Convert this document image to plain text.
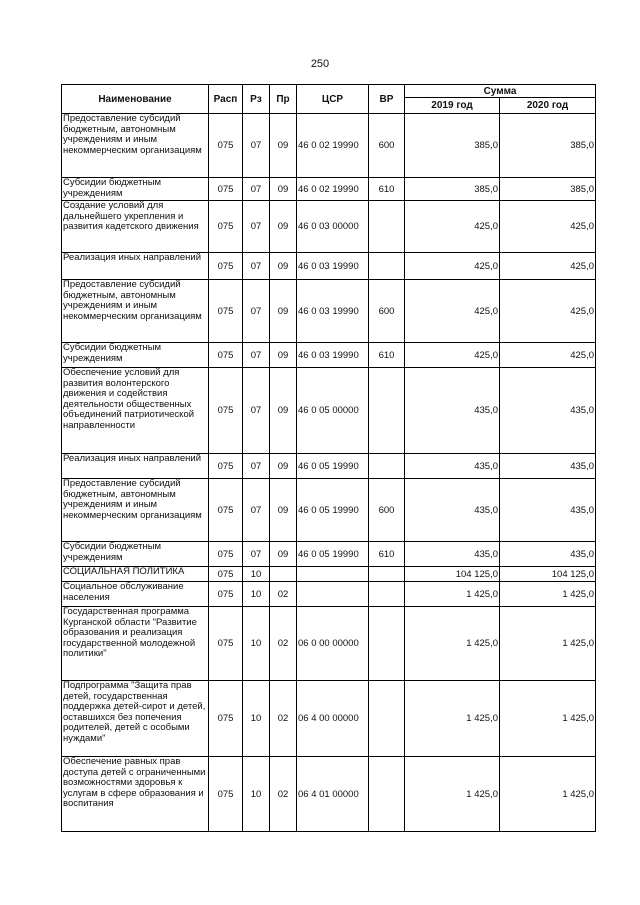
250
Наименование	Расп	Рз	Пр	ЦСР	ВР	Сумма	
						2019 год	2020 год
Предоставление субсидий бюджетным, автономным учреждениям и иным некоммерческим организациям	075	07	09	46 0 02 19990	600	385,0	385,0
Субсидии бюджетным учреждениям	075	07	09	46 0 02 19990	610	385,0	385,0
Создание условий для дальнейшего укрепления и развития кадетского движения	075	07	09	46 0 03 00000		425,0	425,0
Реализация иных направлений	075	07	09	46 0 03 19990		425,0	425,0
Предоставление субсидий бюджетным, автономным учреждениям и иным некоммерческим организациям	075	07	09	46 0 03 19990	600	425,0	425,0
Субсидии бюджетным учреждениям	075	07	09	46 0 03 19990	610	425,0	425,0
Обеспечение условий для развития волонтерского движения и содействия деятельности общественных объединений патриотической направленности	075	07	09	46 0 05 00000		435,0	435,0
Реализация иных направлений	075	07	09	46 0 05 19990		435,0	435,0
Предоставление субсидий бюджетным, автономным учреждениям и иным некоммерческим организациям	075	07	09	46 0 05 19990	600	435,0	435,0
Субсидии бюджетным учреждениям	075	07	09	46 0 05 19990	610	435,0	435,0
СОЦИАЛЬНАЯ ПОЛИТИКА	075	10				104 125,0	104 125,0
Социальное обслуживание населения	075	10	02			1 425,0	1 425,0
Государственная программа Курганской области "Развитие образования и реализация государственной молодежной политики"	075	10	02	06 0 00 00000		1 425,0	1 425,0
Подпрограмма "Защита прав детей, государственная поддержка детей-сирот и детей, оставшихся без попечения родителей, детей с особыми нуждами"	075	10	02	06 4 00 00000		1 425,0	1 425,0
Обеспечение равных прав доступа детей с ограниченными возможностями здоровья к услугам в сфере образования и воспитания	075	10	02	06 4 01 00000		1 425,0	1 425,0
